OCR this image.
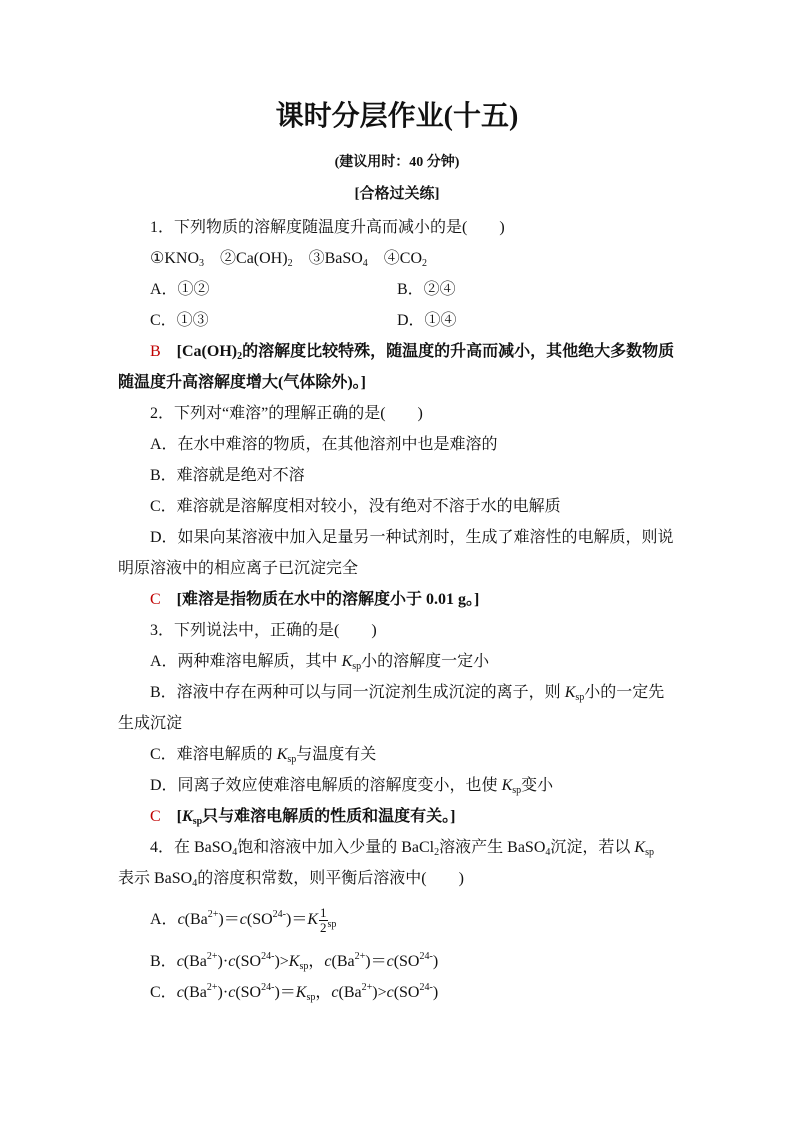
课时分层作业(十五)
(建议用时：40 分钟)
[合格过关练]
1．下列物质的溶解度随温度升高而减小的是(　　)
$①KNO_3$　$②Ca(OH)_2$　③BaSO$_4$　$④CO_2$
A．①②	B．②④
C．①③	D．①④
B　[$Ca(OH)_2$的溶解度比较特殊，随温度的升高而减小，其他绝大多数物质
随温度升高溶解度增大(气体除外)。]
2．下列对“难溶”的理解正确的是(　　)
A．在水中难溶的物质，在其他溶剂中也是难溶的
B．难溶就是绝对不溶
C．难溶就是溶解度相对较小，没有绝对不溶于水的电解质
D．如果向某溶液中加入足量另一种试剂时，生成了难溶性的电解质，则说
明原溶液中的相应离子已沉淀完全
C　[难溶是指物质在水中的溶解度小于 0.01 g。]
3．下列说法中，正确的是(　　)
A．两种难溶电解质，其中 $K_{sp}$小的溶解度一定小
B．溶液中存在两种可以与同一沉淀剂生成沉淀的离子，则 $K_{sp}$小的一定先
生成沉淀
C．难溶电解质的 $K_{sp}$与温度有关
D．同离子效应使难溶电解质的溶解度变小，也使 $K_{sp}$变小
C　[$K_{sp}$只与难溶电解质的性质和温度有关。]
4．在 BaSO$_4$饱和溶液中加入少量的 BaCl$_2$溶液产生 BaSO$_4$沉淀，若以 $K_{sp}$
表示 BaSO$_4$的溶度积常数，则平衡后溶液中(　　)
A．$c(Ba^{2+})=c(SO^{24-})=K \frac{1}{2} _{sp}$
B．$c(Ba^{2+})\cdot c(SO^{24-})>K_{sp}$，$c(Ba^{2+})=c(SO^{24-})$
C．$c(Ba^{2+})\cdot c(SO^{24-})=K_{sp}$，$c(Ba^{2+})>c(SO^{24-})$
